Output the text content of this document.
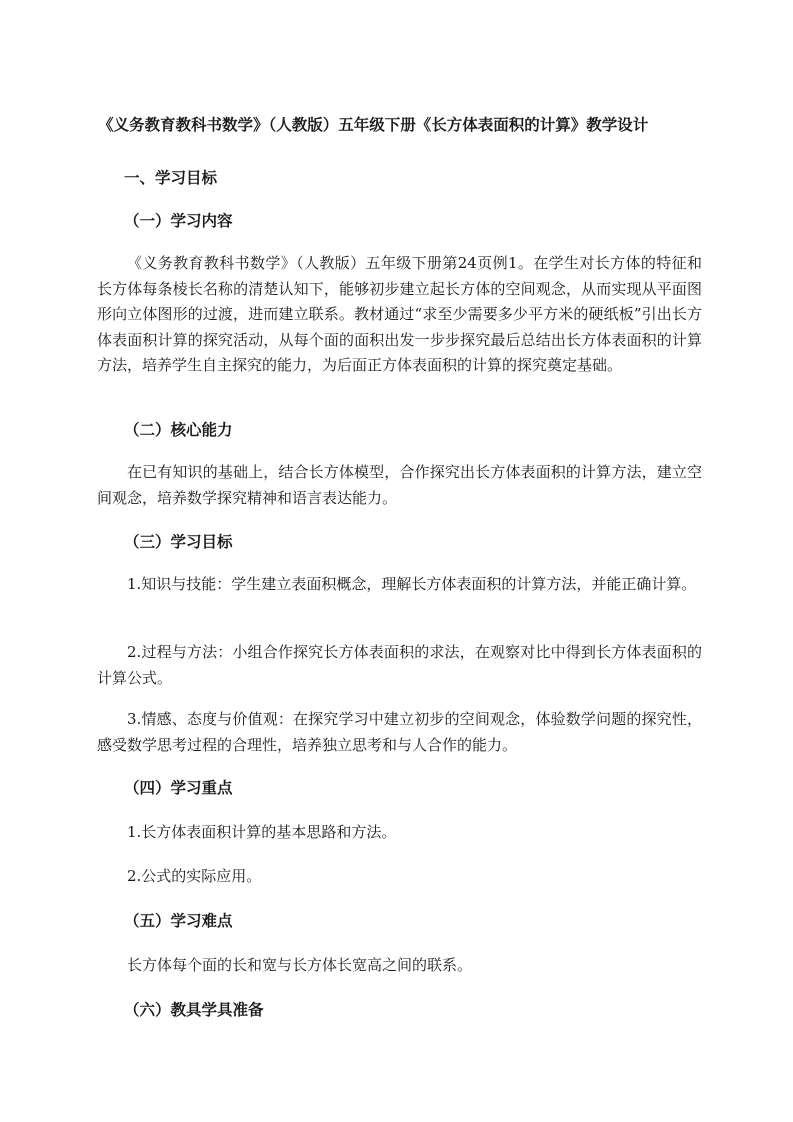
《义务教育教科书数学》（人教版）五年级下册《长方体表面积的计算》教学设计
一、学习目标
（一）学习内容

《义务教育教科书数学》（人教版）五年级下册第24页例1。在学生对长方体的特征和长方体每条棱长名称的清楚认知下，能够初步建立起长方体的空间观念，从而实现从平面图形向立体图形的过渡，进而建立联系。教材通过“求至少需要多少平方米的硬纸板”引出长方体表面积计算的探究活动，从每个面的面积出发一步步探究最后总结出长方体表面积的计算方法，培养学生自主探究的能力，为后面正方体表面积的计算的探究奠定基础。

（二）核心能力

在已有知识的基础上，结合长方体模型，合作探究出长方体表面积的计算方法，建立空间观念，培养数学探究精神和语言表达能力。

（三）学习目标

1.知识与技能：学生建立表面积概念，理解长方体表面积的计算方法，并能正确计算。

2.过程与方法：小组合作探究长方体表面积的求法，在观察对比中得到长方体表面积的计算公式。

3.情感、态度与价值观：在探究学习中建立初步的空间观念，体验数学问题的探究性，感受数学思考过程的合理性，培养独立思考和与人合作的能力。

（四）学习重点

1.长方体表面积计算的基本思路和方法。

2.公式的实际应用。

（五）学习难点

长方体每个面的长和宽与长方体长宽高之间的联系。

（六）教具学具准备
